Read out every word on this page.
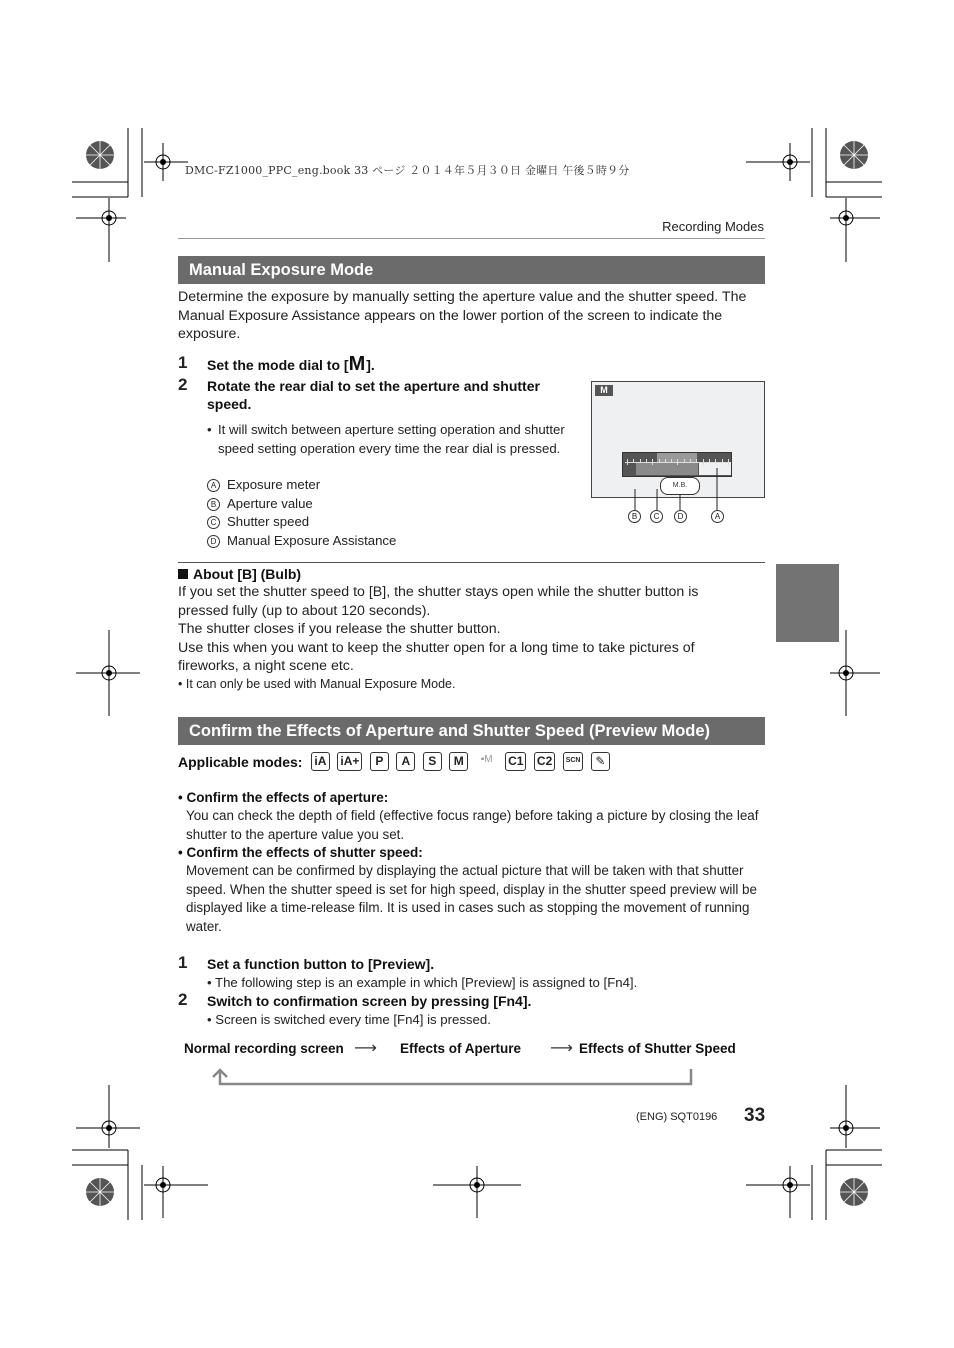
DMC-FZ1000_PPC_eng.book 33 ページ ２０１４年５月３０日 金曜日 午後５時９分
Recording Modes
Manual Exposure Mode
Determine the exposure by manually setting the aperture value and the shutter speed. The Manual Exposure Assistance appears on the lower portion of the screen to indicate the exposure.
1 Set the mode dial to [M].
2 Rotate the rear dial to set the aperture and shutter speed.
• It will switch between aperture setting operation and shutter speed setting operation every time the rear dial is pressed.
A Exposure meter
B Aperture value
C Shutter speed
D Manual Exposure Assistance
M
M.B.
B	C	D	A
About [B] (Bulb)
If you set the shutter speed to [B], the shutter stays open while the shutter button is
pressed fully (up to about 120 seconds).
The shutter closes if you release the shutter button.
Use this when you want to keep the shutter open for a long time to take pictures of
fireworks, a night scene etc.
• It can only be used with Manual Exposure Mode.
Confirm the Effects of Aperture and Shutter Speed (Preview Mode)
Applicable modes: iA iA+ P A S M ▪M C1 C2 SCN ✎
• Confirm the effects of aperture:
You can check the depth of field (effective focus range) before taking a picture by closing the leaf shutter to the aperture value you set.
• Confirm the effects of shutter speed:
Movement can be confirmed by displaying the actual picture that will be taken with that shutter speed. When the shutter speed is set for high speed, display in the shutter speed preview will be displayed like a time-release film. It is used in cases such as stopping the movement of running water.
1 Set a function button to [Preview].
• The following step is an example in which [Preview] is assigned to [Fn4].
2 Switch to confirmation screen by pressing [Fn4].
• Screen is switched every time [Fn4] is pressed.
Normal recording screen ⟶ Effects of Aperture ⟶ Effects of Shutter Speed
(ENG) SQT0196 33
